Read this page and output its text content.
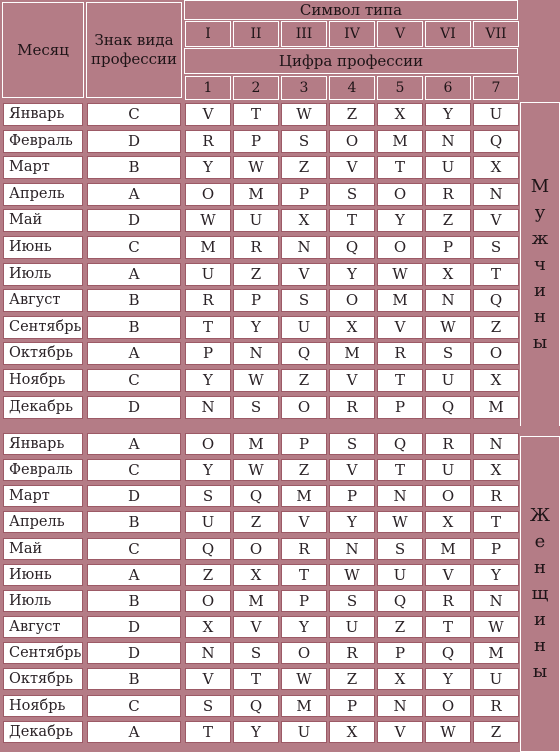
Месяц
Знак вида профессии
Символ типа
Цифра профессии
М
у
ж
ч
и
н
ы
Ж
е
н
щ
и
н
ы
I	II	III	IV	V	VI	VII
1	2	3	4	5	6	7
Январь	C	V	T	W	Z	X	Y	U
Февраль	D	R	P	S	O	M	N	Q
Март	B	Y	W	Z	V	T	U	X
Апрель	A	O	M	P	S	O	R	N
Май	D	W	U	X	T	Y	Z	V
Июнь	C	M	R	N	Q	O	P	S
Июль	A	U	Z	V	Y	W	X	T
Август	B	R	P	S	O	M	N	Q
Сентябрь	B	T	Y	U	X	V	W	Z
Октябрь	A	P	N	Q	M	R	S	O
Ноябрь	C	Y	W	Z	V	T	U	X
Декабрь	D	N	S	O	R	P	Q	M
Январь	A	O	M	P	S	Q	R	N
Февраль	C	Y	W	Z	V	T	U	X
Март	D	S	Q	M	P	N	O	R
Апрель	B	U	Z	V	Y	W	X	T
Май	C	Q	O	R	N	S	M	P
Июнь	A	Z	X	T	W	U	V	Y
Июль	B	O	M	P	S	Q	R	N
Август	D	X	V	Y	U	Z	T	W
Сентябрь	D	N	S	O	R	P	Q	M
Октябрь	B	V	T	W	Z	X	Y	U
Ноябрь	C	S	Q	M	P	N	O	R
Декабрь	A	T	Y	U	X	V	W	Z
